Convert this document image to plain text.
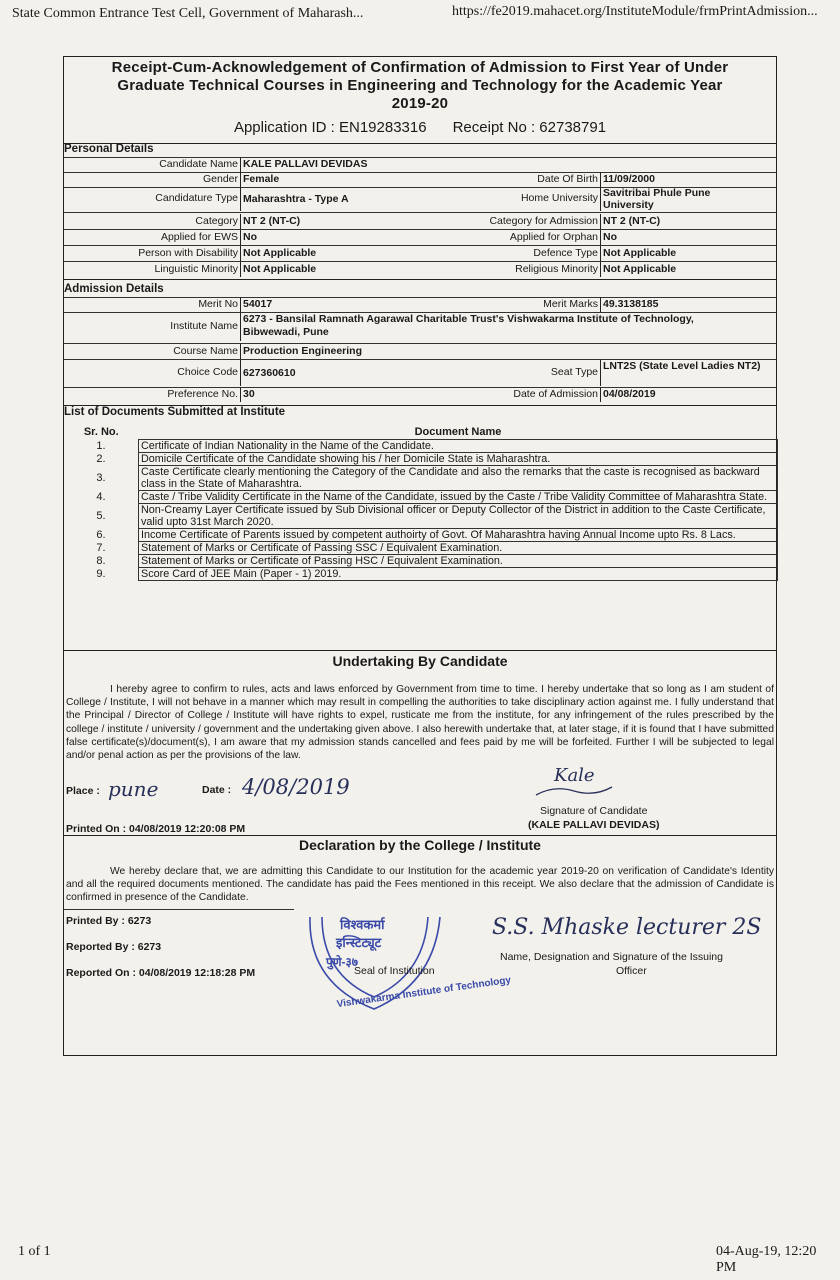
State Common Entrance Test Cell, Government of Maharash...	https://fe2019.mahacet.org/InstituteModule/frmPrintAdmission...
1 of 1	04-Aug-19, 12:20 PM
Receipt-Cum-Acknowledgement of Confirmation of Admission to First Year of Under
Graduate Technical Courses in Engineering and Technology for the Academic Year
2019-20
Application ID : EN19283316 Receipt No : 62738791
Personal Details
Candidate Name KALE PALLAVI DEVIDAS
Gender Female	Date Of Birth 11/09/2000
Candidature Type Maharashtra - Type A	Home University Savitribai Phule Pune University
Category NT 2 (NT-C)	Category for Admission NT 2 (NT-C)
Applied for EWS No	Applied for Orphan No
Person with Disability Not Applicable	Defence Type Not Applicable
Linguistic Minority Not Applicable	Religious Minority Not Applicable
Admission Details
Merit No 54017	Merit Marks 49.3138185
Institute Name
6273 - Bansilal Ramnath Agarawal Charitable Trust's Vishwakarma Institute of Technology, Bibwewadi, Pune
Course Name Production Engineering
Choice Code 627360610	Seat Type LNT2S (State Level Ladies NT2)
Preference No. 30	Date of Admission 04/08/2019
List of Documents Submitted at Institute
Sr. No.	Document Name
1.	Certificate of Indian Nationality in the Name of the Candidate.
2.	Domicile Certificate of the Candidate showing his / her Domicile State is Maharashtra.
3.	Caste Certificate clearly mentioning the Category of the Candidate and also the remarks that the caste is recognised as backward class in the State of Maharashtra.
4.	Caste / Tribe Validity Certificate in the Name of the Candidate, issued by the Caste / Tribe Validity Committee of Maharashtra State.
5.	Non-Creamy Layer Certificate issued by Sub Divisional officer or Deputy Collector of the District in addition to the Caste Certificate, valid upto 31st March 2020.
6.	Income Certificate of Parents issued by competent authoirty of Govt. Of Maharashtra having Annual Income upto Rs. 8 Lacs.
7.	Statement of Marks or Certificate of Passing SSC / Equivalent Examination.
8.	Statement of Marks or Certificate of Passing HSC / Equivalent Examination.
9.	Score Card of JEE Main (Paper - 1) 2019.
Undertaking By Candidate
I hereby agree to confirm to rules, acts and laws enforced by Government from time to time. I hereby undertake that so long as I am student of College / Institute, I will not behave in a manner which may result in compelling the authorities to take disciplinary action against me. I fully understand that the Principal / Director of College / Institute will have rights to expel, rusticate me from the institute, for any infringement of the rules prescribed by the college / institute / university / government and the undertaking given above. I also herewith undertake that, at later stage, if it is found that I have submitted false certificate(s)/document(s), I am aware that my admission stands cancelled and fees paid by me will be forfeited. Further I will be subjected to legal and/or penal action as per the provisions of the law.
Place : pune	Date : 4/08/2019	Kale
Signature of Candidate
(KALE PALLAVI DEVIDAS)
Printed On : 04/08/2019 12:20:08 PM
Declaration by the College / Institute
We hereby declare that, we are admitting this Candidate to our Institution for the academic year 2019-20 on verification of Candidate's Identity and all the required documents mentioned. The candidate has paid the Fees mentioned in this receipt. We also declare that the admission of Candidate is confirmed in presence of the Candidate.
Printed By : 6273
Reported By : 6273
Reported On : 04/08/2019 12:18:28 PM
विश्वकर्मा
इन्स्टिट्यूट
पुणे-३७
Vishwakarma Institute of Technology
Seal of Institution
S.S. Mhaske lecturer 2S
Name, Designation and Signature of the Issuing
Officer
